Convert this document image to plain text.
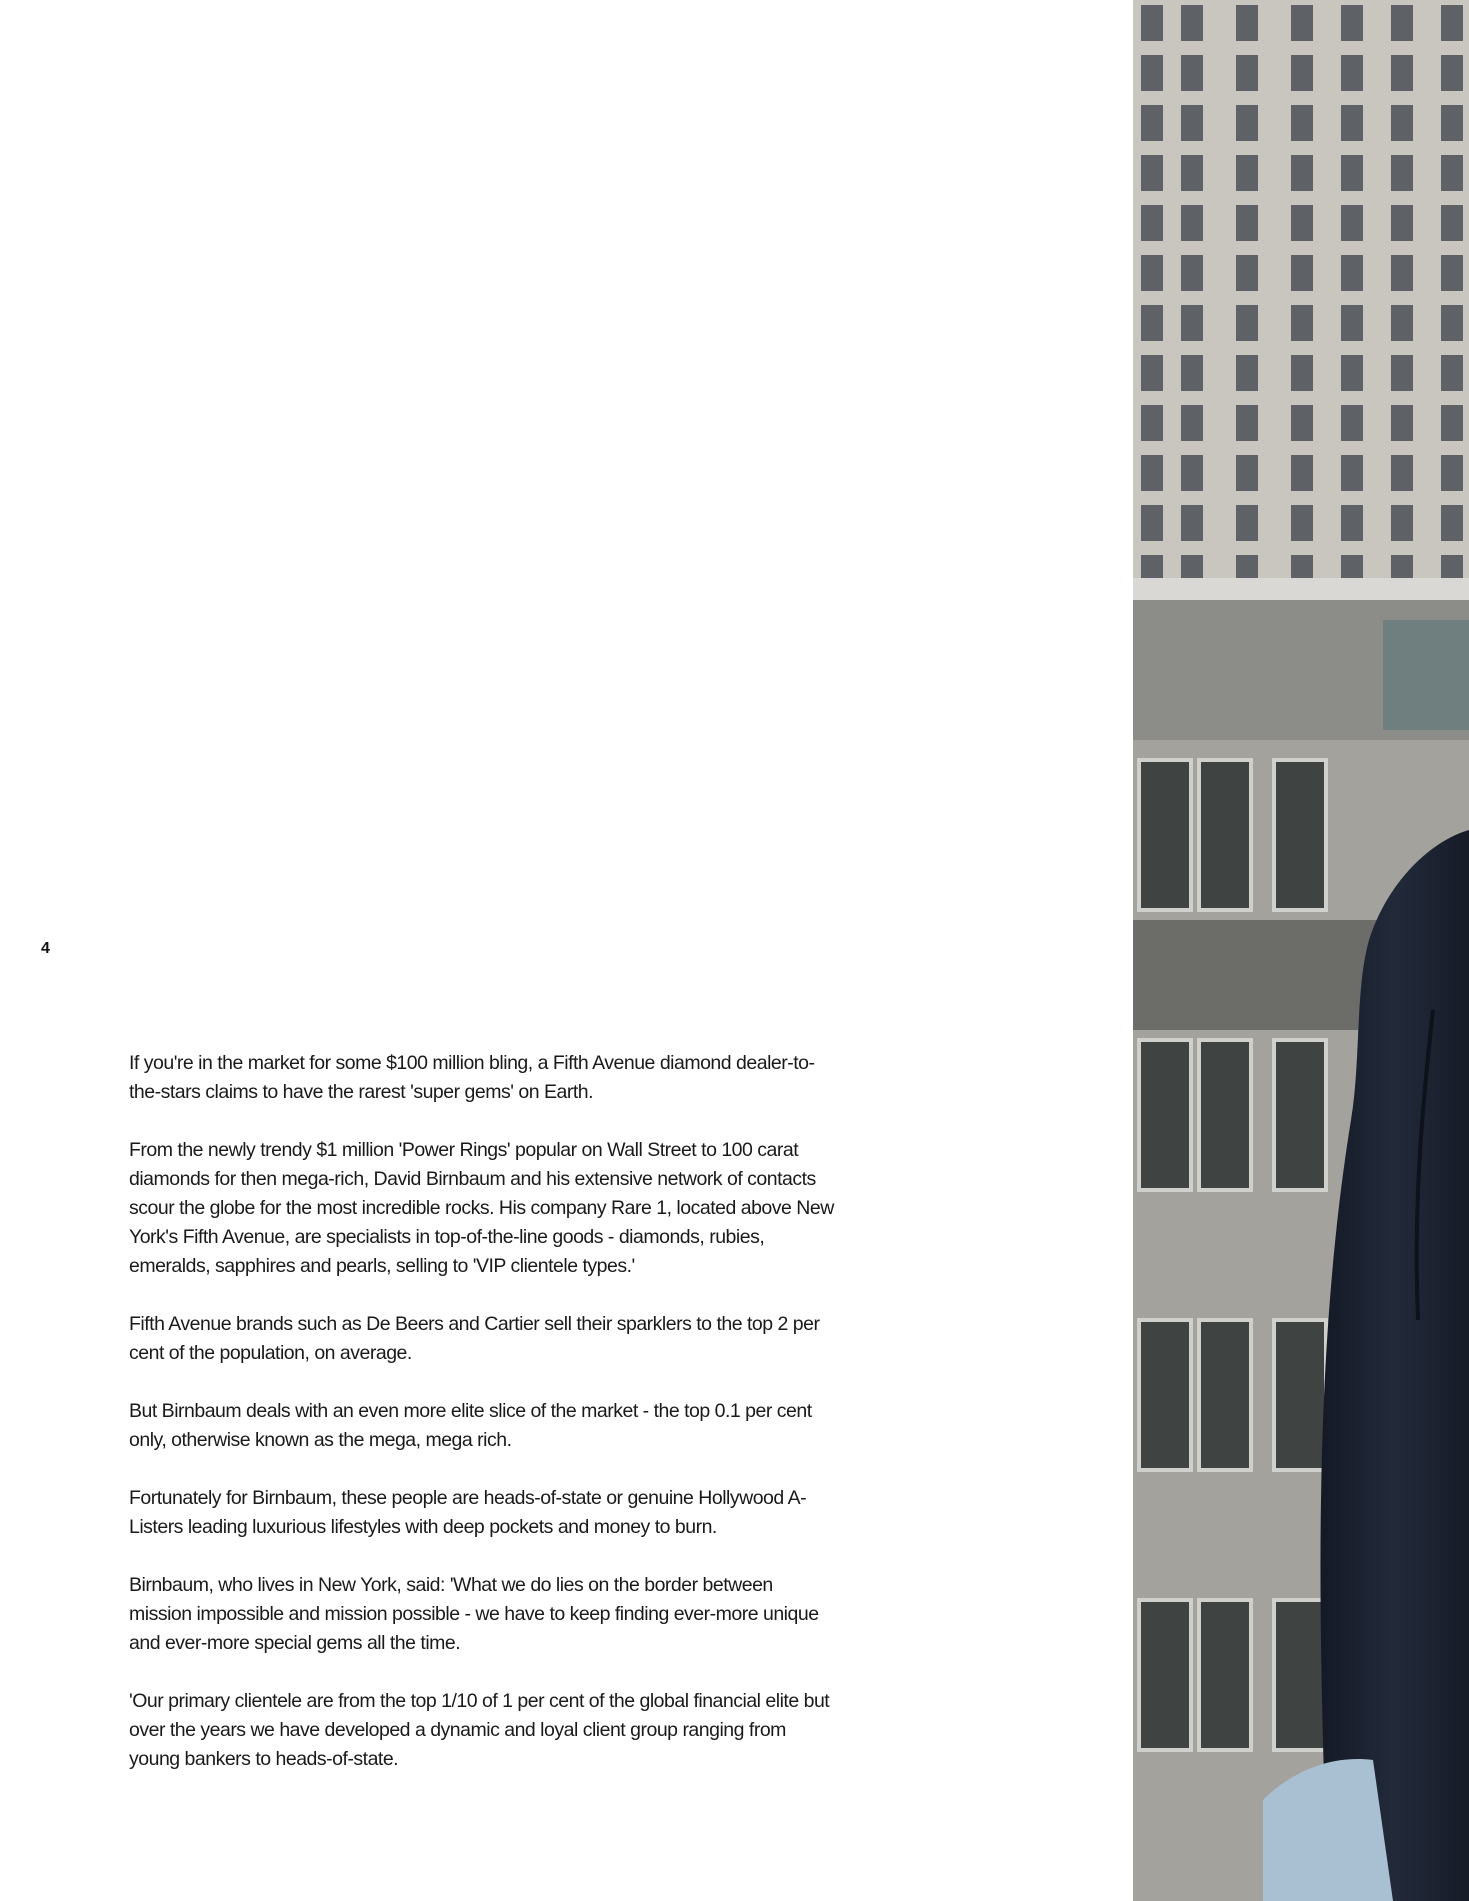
4

If you're in the market for some $100 million bling, a Fifth Avenue diamond dealer-to-the-stars claims to have the rarest 'super gems' on Earth.

From the newly trendy $1 million 'Power Rings' popular on Wall Street to 100 carat diamonds for then mega-rich, David Birnbaum and his extensive network of contacts scour the globe for the most incredible rocks. His company Rare 1, located above New York's Fifth Avenue, are specialists in top-of-the-line goods - diamonds, rubies, emeralds, sapphires and pearls, selling to 'VIP clientele types.'

Fifth Avenue brands such as De Beers and Cartier sell their sparklers to the top 2 per cent of the population, on average.

But Birnbaum deals with an even more elite slice of the market - the top 0.1 per cent only, otherwise known as the mega, mega rich.

Fortunately for Birnbaum, these people are heads-of-state or genuine Hollywood A-Listers leading luxurious lifestyles with deep pockets and money to burn.

Birnbaum, who lives in New York, said: 'What we do lies on the border between mission impossible and mission possible - we have to keep finding ever-more unique and ever-more special gems all the time.

'Our primary clientele are from the top 1/10 of 1 per cent of the global financial elite but over the years we have developed a dynamic and loyal client group ranging from young bankers to heads-of-state.
